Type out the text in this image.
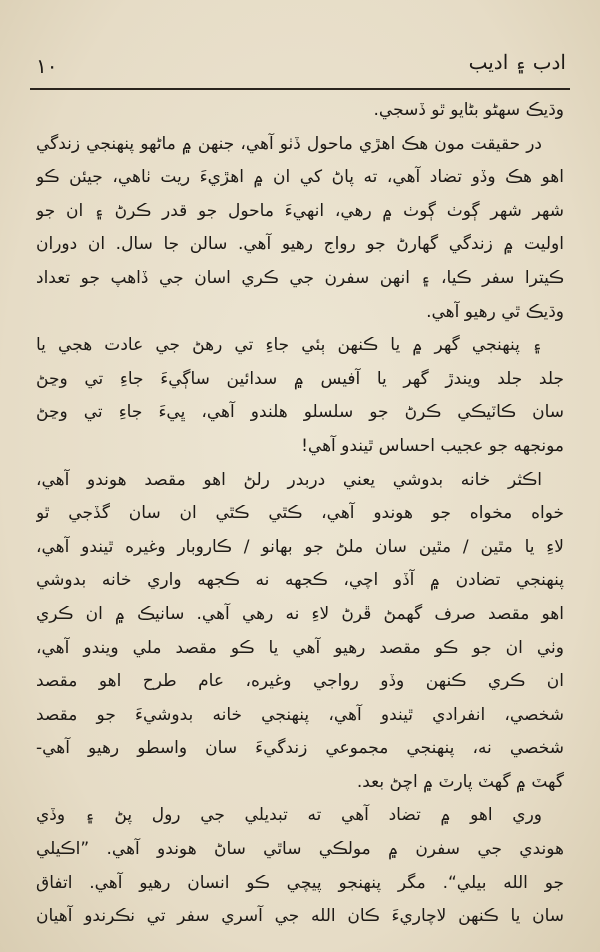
ادب ۽ اديب
١٠
وڌيڪ سهڻو بڻايو ٿو ڏسجي.
در حقيقت مون هڪ اهڙي ماحول ڏٺو آهي، جنهن ۾ ماڻهو پنهنجي زندگي
اهو هڪ وڏو تضاد آهي، ته پاڻ کي ان ۾ اهڙيءَ ريت ٺاهي، جيئن ڪو
شهر شهر ڳوٺ ڳوٺ ۾ رهي، انهيءَ ماحول جو قدر ڪرڻ ۽ ان جو
اوليت ۾ زندگي گهارڻ جو رواج رهيو آهي. سالن جا سال. ان دوران
ڪيترا سفر ڪيا، ۽ انهن سفرن جي ڪري اسان جي ڏاهپ جو تعداد
وڌيڪ ٿي رهيو آهي.
۽ پنهنجي گهر ۾ يا ڪنهن ٻئي جاءِ تي رهڻ جي عادت هجي يا
جلد جلد ويندڙ گهر يا آفيس ۾ سدائين ساڳيءَ جاءِ تي وڃڻ
سان ڪاٽيڪي ڪرڻ جو سلسلو هلندو آهي، ڀيءَ جاءِ تي وڃڻ
مونجهه جو عجيب احساس ٿيندو آهي!
اڪثر خانه بدوشي يعني دربدر رلڻ اهو مقصد هوندو آهي،
خواه مخواه جو هوندو آهي، ڪٿي ڪٿي ان سان گڏجي ٿو
لاءِ يا مٿين / مٿين سان ملڻ جو بهانو / ڪاروبار وغيره ٿيندو آهي،
پنهنجي تضادن ۾ آڏو اچي، ڪجهه نه ڪجهه واري خانه بدوشي
اهو مقصد صرف گهمڻ ڦرڻ لاءِ نه رهي آهي. سانيڪ ۾ ان ڪري
وٺي ان جو ڪو مقصد رهيو آهي يا ڪو مقصد ملي ويندو آهي،
ان ڪري ڪنهن وڏو رواجي وغيره، عام طرح اهو مقصد
شخصي، انفرادي ٿيندو آهي، پنهنجي خانه بدوشيءَ جو مقصد
شخصي نه، پنهنجي مجموعي زندگيءَ سان واسطو رهيو آهي-
گهٽ ۾ گهٽ پارٽ ۾ اچڻ بعد.
وري اهو ۾ تضاد آهي ته تبديلي جي رول پڻ ۽ وڏي
هوندي جي سفرن ۾ مولڪي ساٿي ساڻ هوندو آهي. ”اڪيلي
جو الله بيلي“. مگر پنهنجو پيچي ڪو انسان رهيو آهي. اتفاق
سان يا ڪنهن لاچاريءَ ڪان الله جي آسري سفر تي نڪرندو آهيان
